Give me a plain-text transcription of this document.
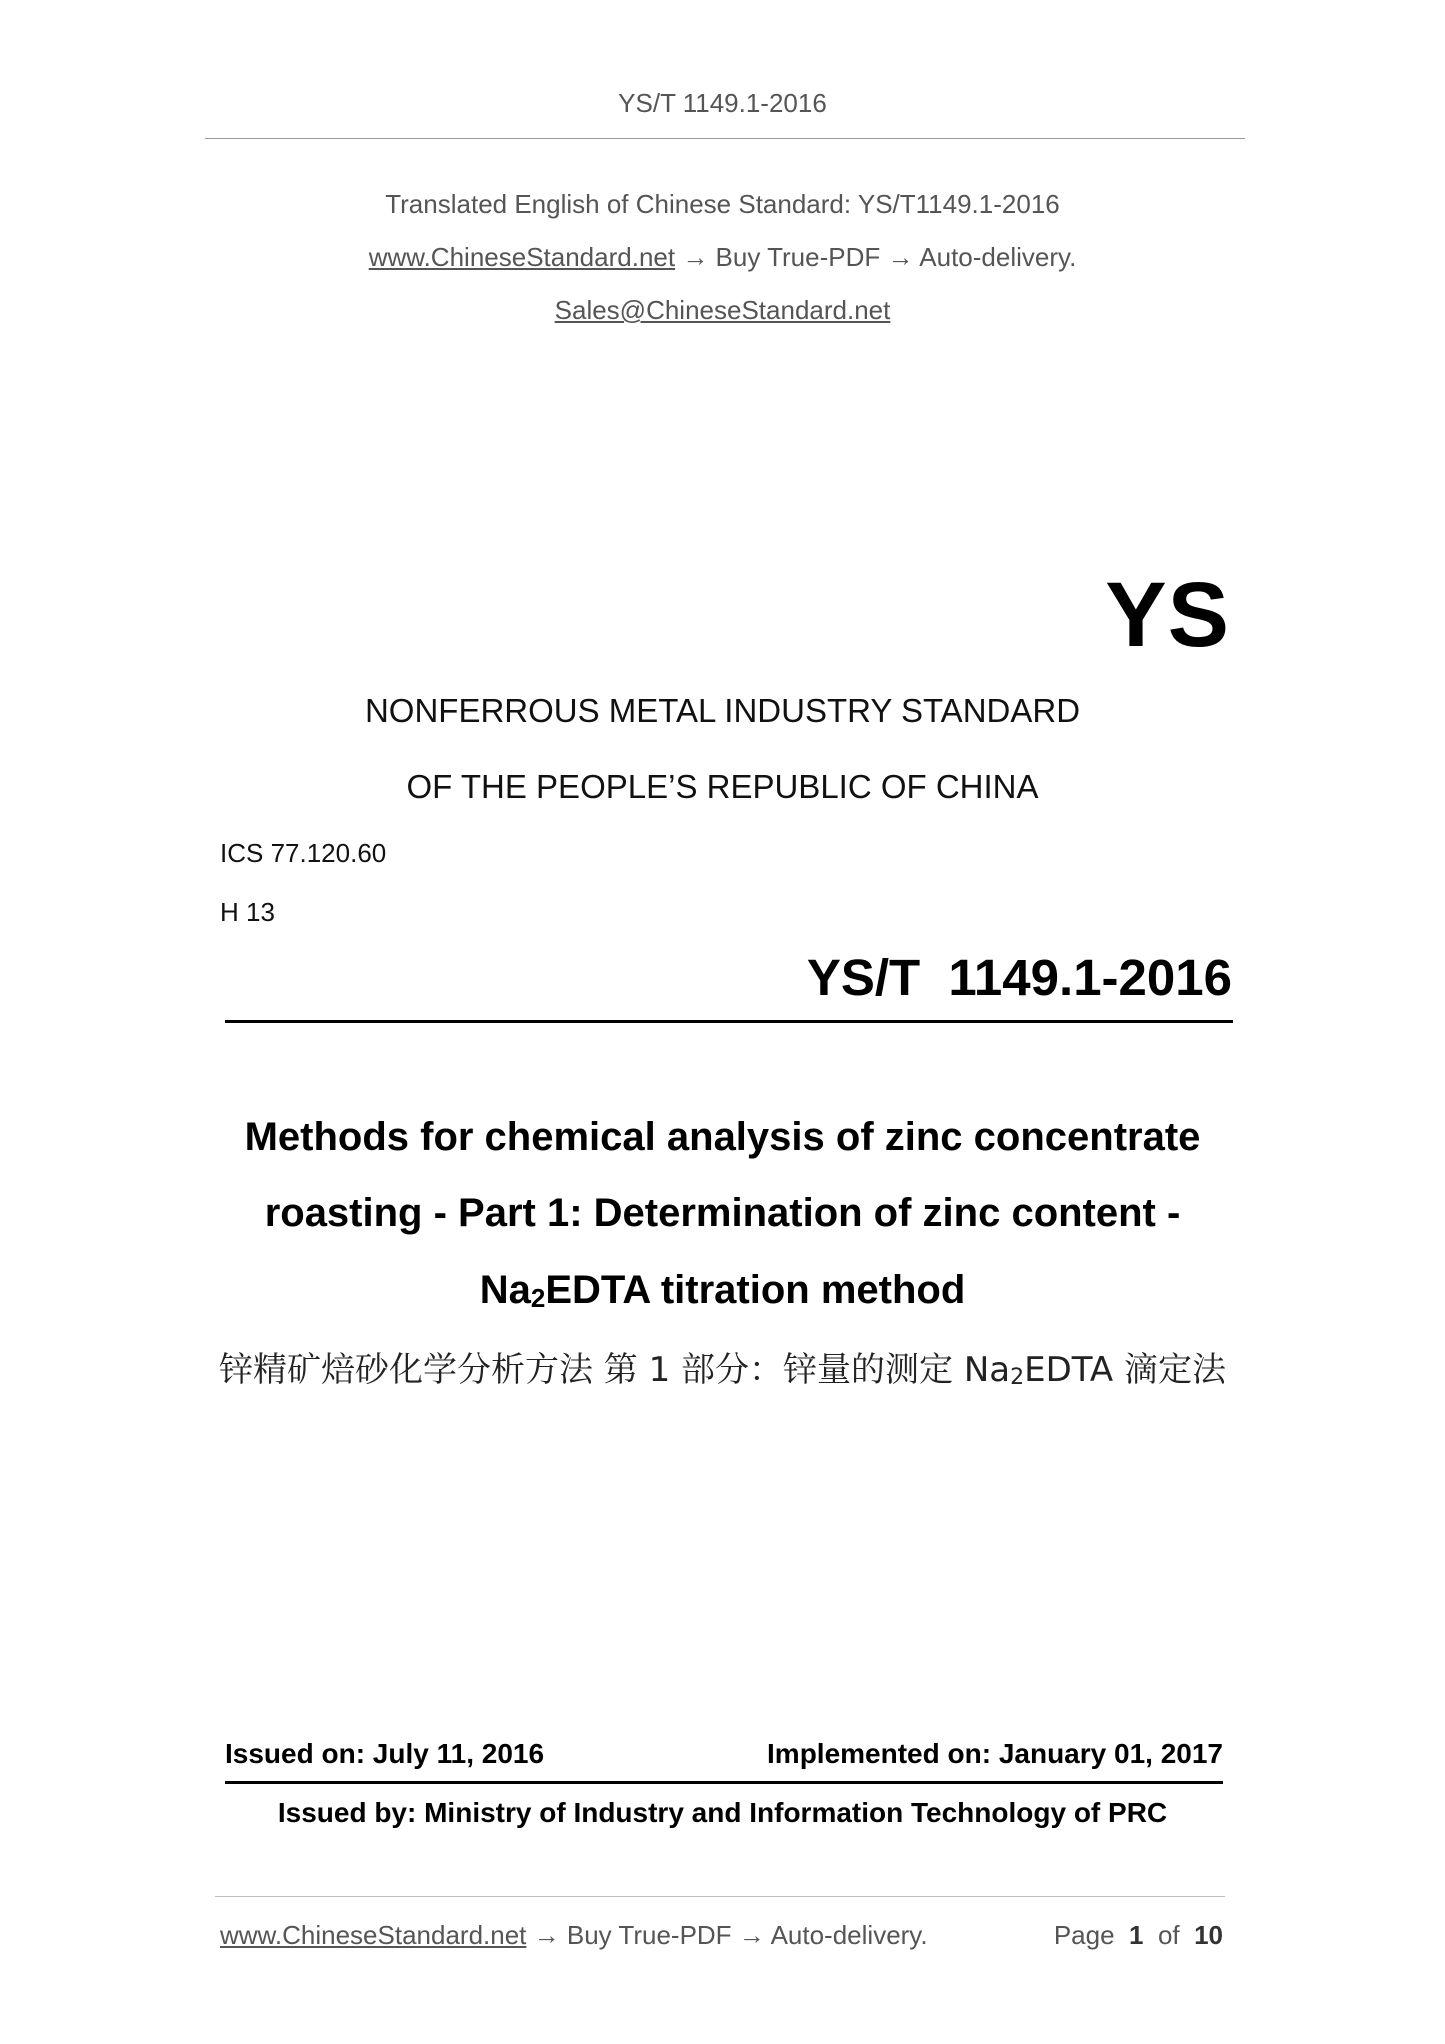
YS/T 1149.1-2016
Translated English of Chinese Standard: YS/T1149.1-2016
www.ChineseStandard.net → Buy True-PDF → Auto-delivery.
Sales@ChineseStandard.net
YS
NONFERROUS METAL INDUSTRY STANDARD
OF THE PEOPLE’S REPUBLIC OF CHINA
ICS 77.120.60
H 13
YS/T 1149.1-2016
Methods for chemical analysis of zinc concentrate
roasting - Part 1: Determination of zinc content -
$Na_2EDTA$ titration method
锌精矿焙砂化学分析方法 第 1 部分：锌量的测定 $Na_2EDTA$ 滴定法
Issued on: July 11, 2016	Implemented on: January 01, 2017
Issued by: Ministry of Industry and Information Technology of PRC
www.ChineseStandard.net → Buy True-PDF → Auto-delivery.	Page 1 of 10
